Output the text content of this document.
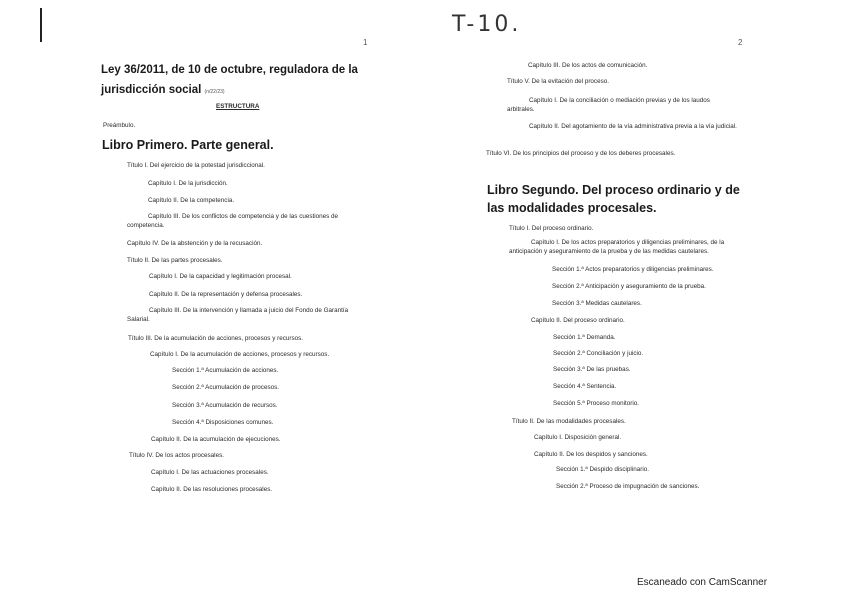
T-10.
1	2
Ley 36/2011, de 10 de octubre, reguladora de la jurisdicción social (n/22/23)
ESTRUCTURA
Preámbulo.
Libro Primero. Parte general.
Título I. Del ejercicio de la potestad jurisdiccional.
Capítulo I. De la jurisdicción.
Capítulo II. De la competencia.
Capítulo III. De los conflictos de competencia y de las cuestiones de competencia.
Capítulo IV. De la abstención y de la recusación.
Título II. De las partes procesales.
Capítulo I. De la capacidad y legitimación procesal.
Capítulo II. De la representación y defensa procesales.
Capítulo III. De la intervención y llamada a juicio del Fondo de Garantía Salarial.
Título III. De la acumulación de acciones, procesos y recursos.
Capítulo I. De la acumulación de acciones, procesos y recursos.
Sección 1.ª Acumulación de acciones.
Sección 2.ª Acumulación de procesos.
Sección 3.ª Acumulación de recursos.
Sección 4.ª Disposiciones comunes.
Capítulo II. De la acumulación de ejecuciones.
Título IV. De los actos procesales.
Capítulo I. De las actuaciones procesales.
Capítulo II. De las resoluciones procesales.
Capítulo III. De los actos de comunicación.
Título V. De la evitación del proceso.
Capítulo I. De la conciliación o mediación previas y de los laudos arbitrales.
Capítulo II. Del agotamiento de la vía administrativa previa a la vía judicial.
Título VI. De los principios del proceso y de los deberes procesales.
Libro Segundo. Del proceso ordinario y de las modalidades procesales.
Título I. Del proceso ordinario.
Capítulo I. De los actos preparatorios y diligencias preliminares, de la anticipación y aseguramiento de la prueba y de las medidas cautelares.
Sección 1.ª Actos preparatorios y diligencias preliminares.
Sección 2.ª Anticipación y aseguramiento de la prueba.
Sección 3.ª Medidas cautelares.
Capítulo II. Del proceso ordinario.
Sección 1.ª Demanda.
Sección 2.ª Conciliación y juicio.
Sección 3.ª De las pruebas.
Sección 4.ª Sentencia.
Sección 5.ª Proceso monitorio.
Título II. De las modalidades procesales.
Capítulo I. Disposición general.
Capítulo II. De los despidos y sanciones.
Sección 1.ª Despido disciplinario.
Sección 2.ª Proceso de impugnación de sanciones.
Escaneado con CamScanner
